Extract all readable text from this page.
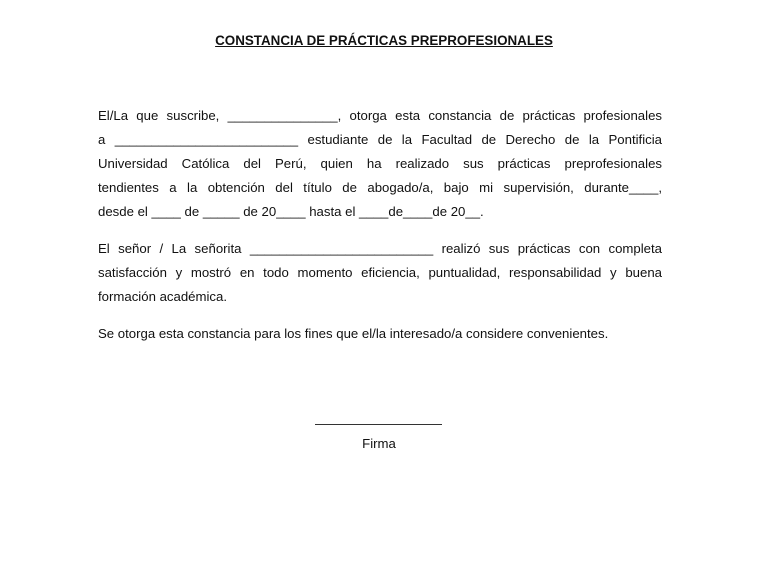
CONSTANCIA DE PRÁCTICAS PREPROFESIONALES
El/La que suscribe, _______________, otorga esta constancia de prácticas profesionales
a _________________________ estudiante de la Facultad de Derecho de la Pontificia
Universidad Católica del Perú, quien ha realizado sus prácticas preprofesionales
tendientes a la obtención del título de abogado/a, bajo mi supervisión, durante____,
desde el ____ de _____ de 20____ hasta el ____de____de 20__.
El señor / La señorita _________________________ realizó sus prácticas con completa
satisfacción y mostró en todo momento eficiencia, puntualidad, responsabilidad y buena
formación académica.
Se otorga esta constancia para los fines que el/la interesado/a considere convenientes.
Firma
